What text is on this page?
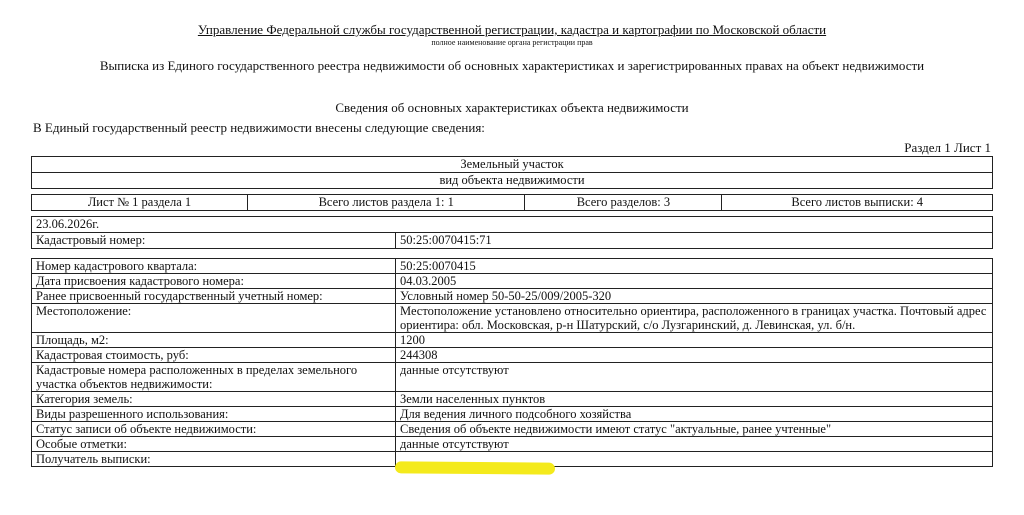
Управление Федеральной службы государственной регистрации, кадастра и картографии по Московской области
полное наименование органа регистрации прав
Выписка из Единого государственного реестра недвижимости об основных характеристиках и зарегистрированных правах на объект недвижимости
Сведения об основных характеристиках объекта недвижимости
В Единый государственный реестр недвижимости внесены следующие сведения:
Раздел 1 Лист 1
Земельный участок
вид объекта недвижимости
Лист № 1 раздела 1	Всего листов раздела 1: 1	Всего разделов: 3	Всего листов выписки: 4
23.06.2026г.
Кадастровый номер:	50:25:0070415:71
Номер кадастрового квартала:	50:25:0070415
Дата присвоения кадастрового номера:	04.03.2005
Ранее присвоенный государственный учетный номер:	Условный номер 50-50-25/009/2005-320
Местоположение:	Местоположение установлено относительно ориентира, расположенного в границах участка. Почтовый адрес ориентира: обл. Московская, р-н Шатурский, с/о Лузгаринский, д. Левинская, ул. б/н.
Площадь, м2:	1200
Кадастровая стоимость, руб:	244308
Кадастровые номера расположенных в пределах земельного участка объектов недвижимости:	данные отсутствуют
Категория земель:	Земли населенных пунктов
Виды разрешенного использования:	Для ведения личного подсобного хозяйства
Статус записи об объекте недвижимости:	Сведения об объекте недвижимости имеют статус "актуальные, ранее учтенные"
Особые отметки:	данные отсутствуют
Получатель выписки:	
